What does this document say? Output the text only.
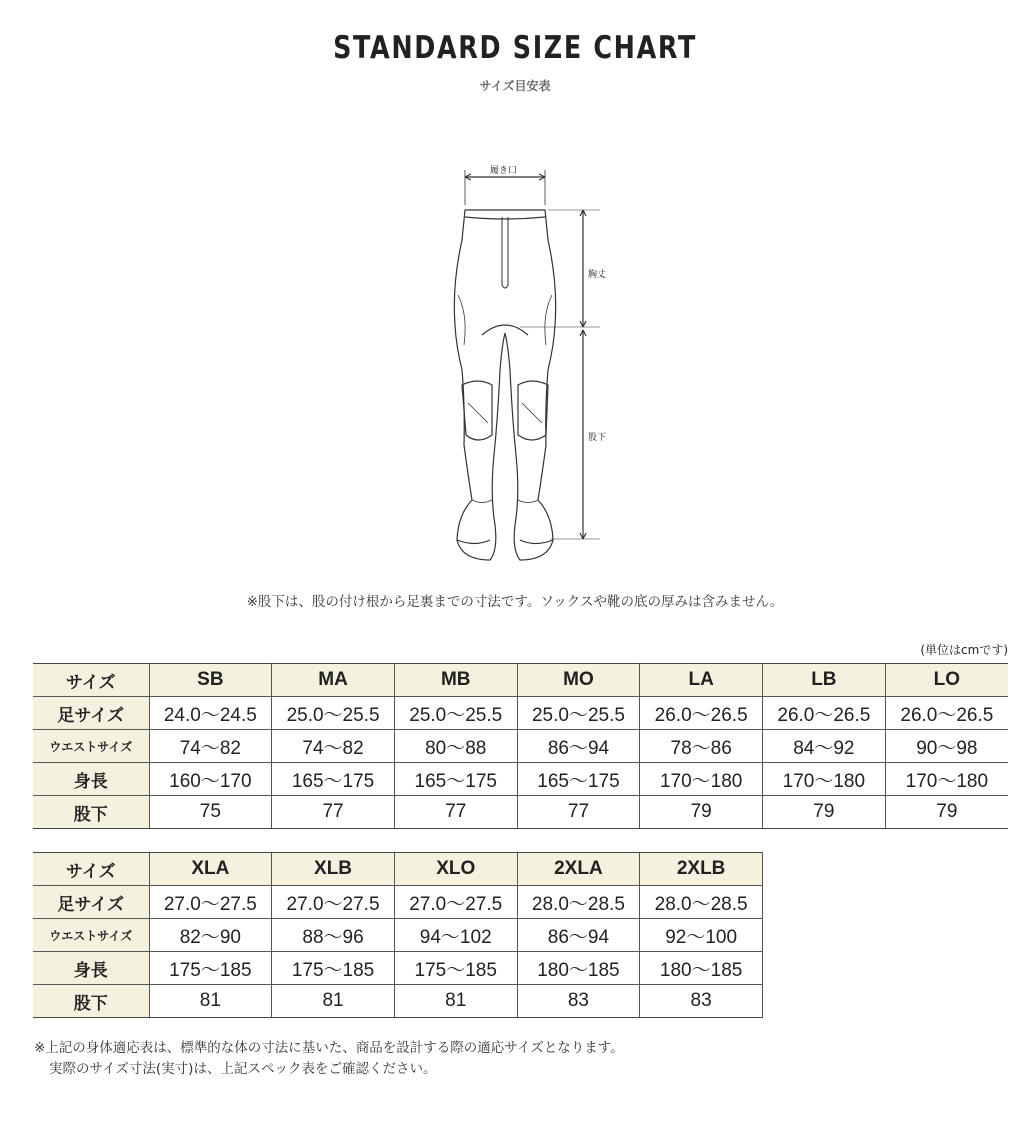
STANDARD SIZE CHART
サイズ目安表
履き口
胸丈
股下
※股下は、股の付け根から足裏までの寸法です。ソックスや靴の底の厚みは含みません。
(単位はcmです)
サイズ	SB	MA	MB	MO	LA	LB	LO
足サイズ	24.0～24.5	25.0～25.5	25.0～25.5	25.0～25.5	26.0～26.5	26.0～26.5	26.0～26.5
ウエストサイズ	74～82	74～82	80～88	86～94	78～86	84～92	90～98
身長	160～170	165～175	165～175	165～175	170～180	170～180	170～180
股下	75	77	77	77	79	79	79
サイズ	XLA	XLB	XLO	2XLA	2XLB
足サイズ	27.0～27.5	27.0～27.5	27.0～27.5	28.0～28.5	28.0～28.5
ウエストサイズ	82～90	88～96	94～102	86～94	92～100
身長	175～185	175～185	175～185	180～185	180～185
股下	81	81	81	83	83
※上記の身体適応表は、標準的な体の寸法に基いた、商品を設計する際の適応サイズとなります。
実際のサイズ寸法(実寸)は、上記スペック表をご確認ください。
